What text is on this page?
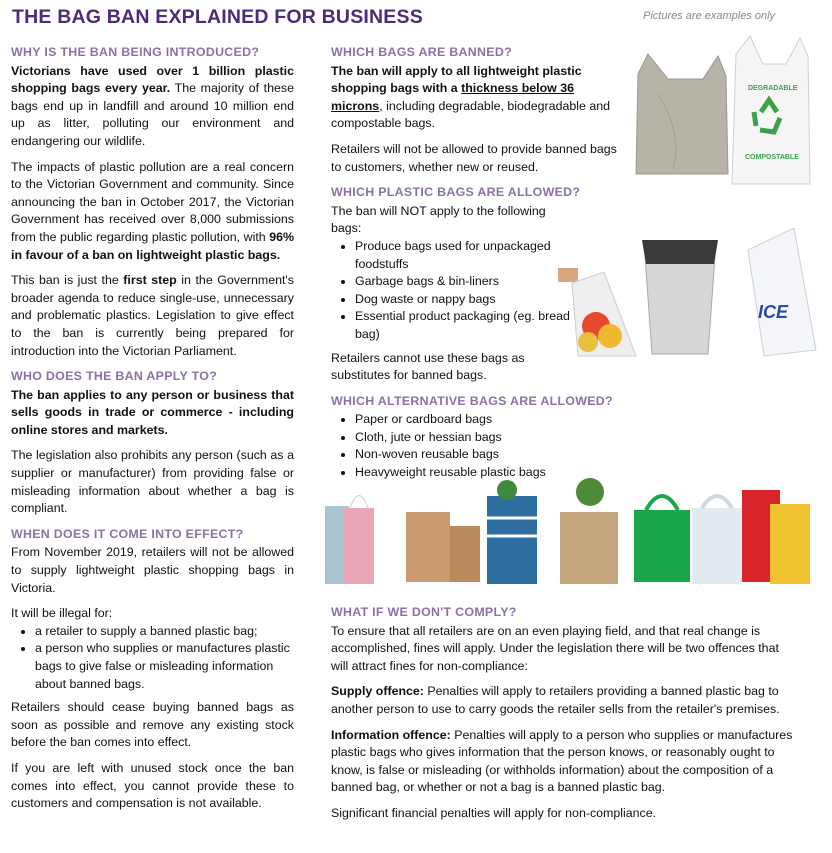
THE BAG BAN EXPLAINED FOR BUSINESS	Pictures are examples only
WHY IS THE BAN BEING INTRODUCED?

Victorians have used over 1 billion plastic shopping bags every year. The majority of these bags end up in landfill and around 10 million end up as litter, polluting our environment and endangering our wildlife.

The impacts of plastic pollution are a real concern to the Victorian Government and community. Since announcing the ban in October 2017, the Victorian Government has received over 8,000 submissions from the public regarding plastic pollution, with 96% in favour of a ban on lightweight plastic bags.

This ban is just the first step in the Government's broader agenda to reduce single-use, unnecessary and problematic plastics. Legislation to give effect to the ban is currently being prepared for introduction into the Victorian Parliament.

WHO DOES THE BAN APPLY TO?

The ban applies to any person or business that sells goods in trade or commerce - including online stores and markets.

The legislation also prohibits any person (such as a supplier or manufacturer) from providing false or misleading information about whether a bag is compliant.

WHEN DOES IT COME INTO EFFECT?

From November 2019, retailers will not be allowed to supply lightweight plastic shopping bags in Victoria.

It will be illegal for:

• a retailer to supply a banned plastic bag;
• a person who supplies or manufactures plastic bags to give false or misleading information about banned bags.

Retailers should cease buying banned bags as soon as possible and remove any existing stock before the ban comes into effect.

If you are left with unused stock once the ban comes into effect, you cannot provide these to customers and compensation is not available.

WHICH BAGS ARE BANNED?

The ban will apply to all lightweight plastic shopping bags with a thickness below 36 microns, including degradable, biodegradable and compostable bags.

Retailers will not be allowed to provide banned bags to customers, whether new or reused.

WHICH PLASTIC BAGS ARE ALLOWED?

The ban will NOT apply to the following bags:

• Produce bags used for unpackaged foodstuffs
• Garbage bags & bin-liners
• Dog waste or nappy bags
• Essential product packaging (eg. bread bag)

Retailers cannot use these bags as substitutes for banned bags.

WHICH ALTERNATIVE BAGS ARE ALLOWED?
• Paper or cardboard bags
• Cloth, jute or hessian bags
• Non-woven reusable bags
• Heavyweight reusable plastic bags
WHAT IF WE DON'T COMPLY?

To ensure that all retailers are on an even playing field, and that real change is accomplished, fines will apply. Under the legislation there will be two offences that will attract fines for non-compliance:

Supply offence: Penalties will apply to retailers providing a banned plastic bag to another person to use to carry goods the retailer sells from the retailer's premises.

Information offence: Penalties will apply to a person who supplies or manufactures plastic bags who gives information that the person knows, or reasonably ought to know, is false or misleading (or withholds information) about the composition of a banned bag, or whether or not a bag is a banned plastic bag.

Significant financial penalties will apply for non-compliance.

DEGRADABLE
COMPOSTABLE
ICE
